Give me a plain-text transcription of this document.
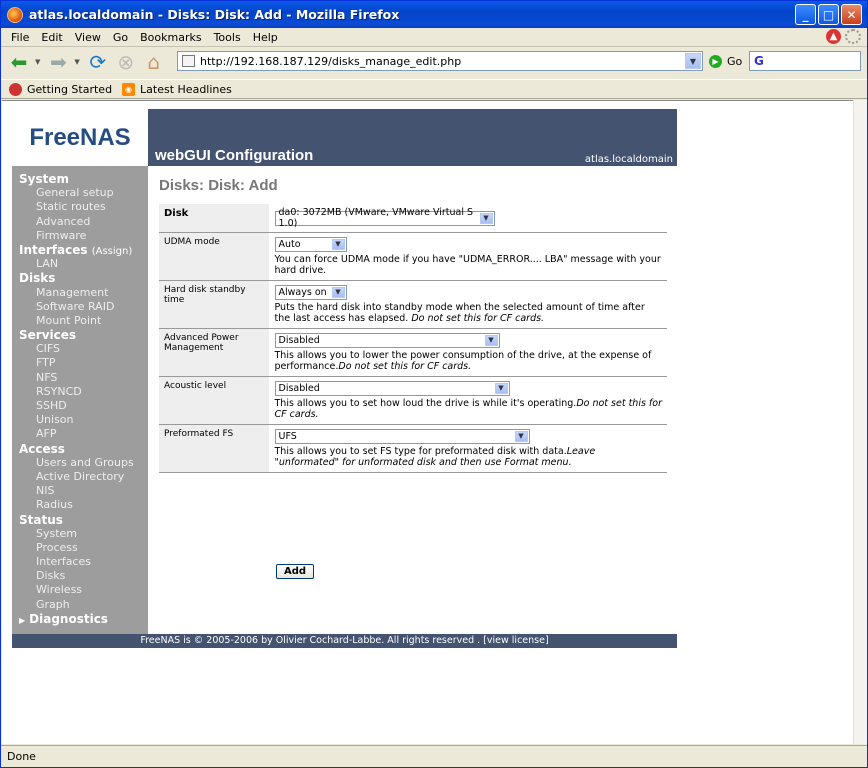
atlas.localdomain - Disks: Disk: Add - Mozilla Firefox	_	□	✕
File	Edit	View	Go	Bookmarks	Tools	Help	▲
⬅	▼ ➡	▼ ⟳ ⊗ ⌂	http://192.168.187.129/disks_manage_edit.php	▼	▶ Go G
Getting Started	◉ Latest Headlines
FreeNAS
webGUI Configuration	atlas.localdomain
System
General setup
Static routes
Advanced
Firmware
Interfaces (Assign)
LAN
Disks
Management
Software RAID
Mount Point
Services
CIFS
FTP
NFS
RSYNCD
SSHD
Unison
AFP
Access
Users and Groups
Active Directory
NIS
Radius
Status
System
Process
Interfaces
Disks
Wireless
Graph
▶ Diagnostics
Disks: Disk: Add
Disk	da0: 3072MB (VMware, VMware Virtual S 1.0) ▼

UDMA mode	Auto ▼
You can force UDMA mode if you have "UDMA_ERROR.... LBA" message with your hard drive.

Hard disk standby time	Always on ▼
Puts the hard disk into standby mode when the selected amount of time after the last access has elapsed. Do not set this for CF cards.

Advanced Power Management	Disabled ▼
This allows you to lower the power consumption of the drive, at the expense of performance.Do not set this for CF cards.

Acoustic level	Disabled ▼
This allows you to set how loud the drive is while it's operating.Do not set this for CF cards.

Preformated FS	UFS ▼
This allows you to set FS type for preformated disk with data.Leave "unformated" for unformated disk and then use Format menu.
Add
FreeNAS is © 2005-2006 by Olivier Cochard-Labbe. All rights reserved . [view license]
Done
